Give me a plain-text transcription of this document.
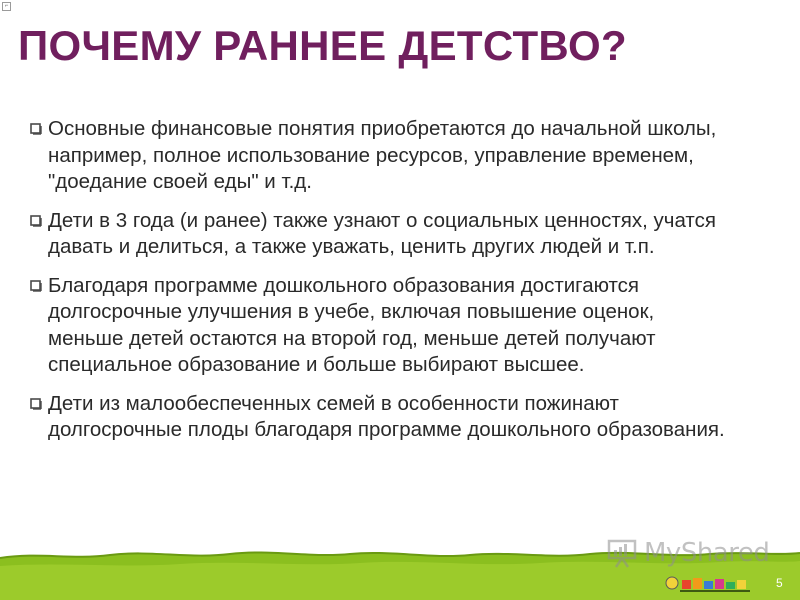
⌐
ПОЧЕМУ РАННЕЕ ДЕТСТВО?
Основные финансовые понятия приобретаются до начальной школы, например, полное использование ресурсов, управление временем, "доедание своей еды" и т.д.
Дети в 3 года (и ранее) также узнают о социальных ценностях, учатся давать и делиться, а также уважать, ценить других людей и т.п.
Благодаря программе дошкольного образования достигаются долгосрочные улучшения в учебе, включая повышение оценок, меньше детей остаются на второй год, меньше детей получают специальное образование и больше выбирают высшее.
Дети из малообеспеченных семей в особенности пожинают долгосрочные плоды благодаря программе дошкольного образования.
MyShared
5
